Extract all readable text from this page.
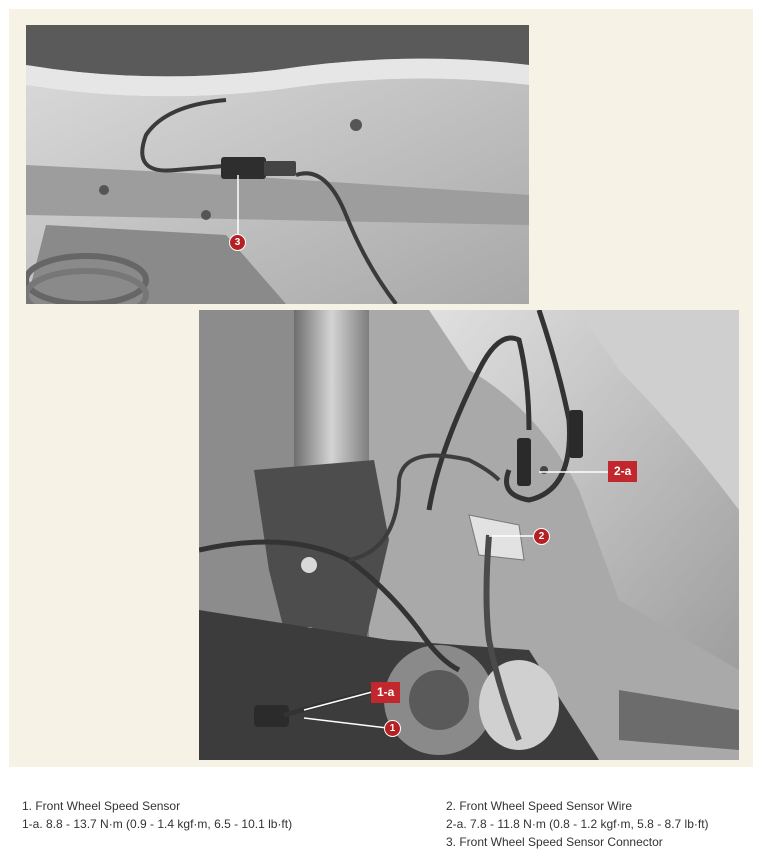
3
2-a
2
1-a
1
1. Front Wheel Speed Sensor
1-a. 8.8 - 13.7 N·m (0.9 - 1.4 kgf·m, 6.5 - 10.1 lb·ft)
2. Front Wheel Speed Sensor Wire
2-a. 7.8 - 11.8 N·m (0.8 - 1.2 kgf·m, 5.8 - 8.7 lb·ft)
3. Front Wheel Speed Sensor Connector
